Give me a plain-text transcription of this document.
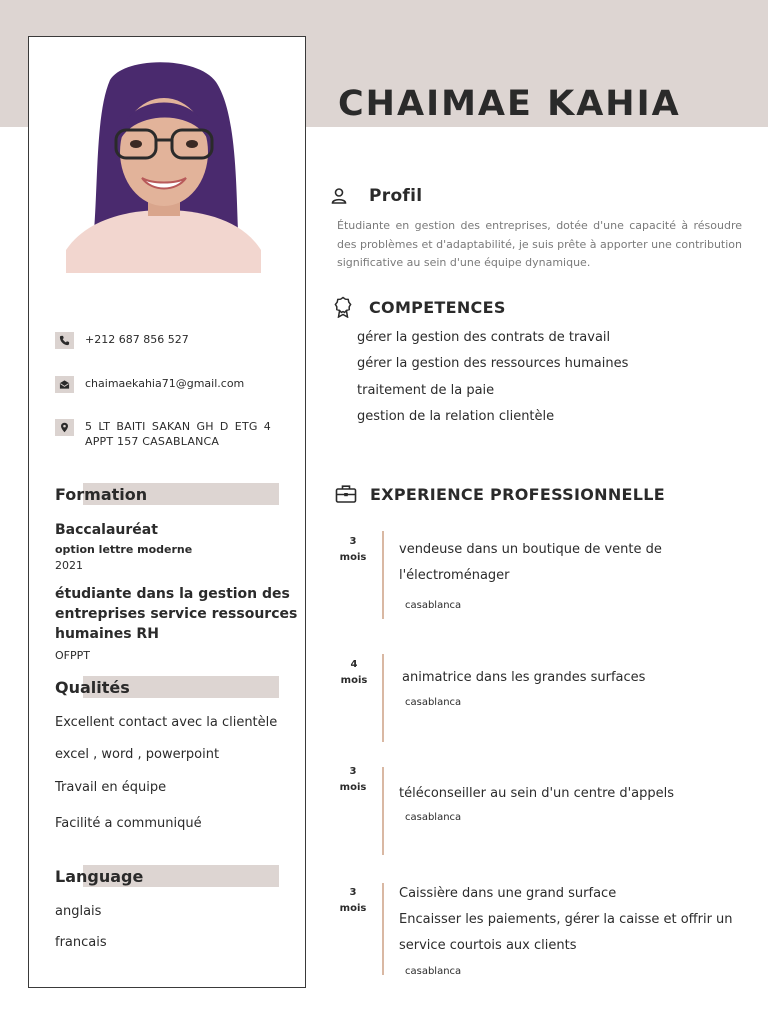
CHAIMAE KAHIA
+212 687 856 527
chaimaekahia71@gmail.com
5 LT BAITI SAKAN GH D ETG 4 APPT 157 CASABLANCA
Formation
Baccalauréat
option lettre moderne
2021
étudiante dans la gestion des entreprises service ressources humaines RH
OFPPT
Qualités
Excellent contact avec la clientèle
excel , word , powerpoint
Travail en équipe
Facilité a communiqué
Language
anglais
francais
Profil
Étudiante en gestion des entreprises, dotée d'une capacité à résoudre des problèmes et d'adaptabilité, je suis prête à apporter une contribution significative au sein d'une équipe dynamique.
COMPETENCES
gérer la gestion des contrats de travail
gérer la gestion des ressources humaines
traitement de la paie
gestion de la relation clientèle
EXPERIENCE PROFESSIONNELLE
3
mois
vendeuse dans un boutique de vente de l'électroménager
casablanca
4
mois	animatrice dans les grandes surfaces
casablanca
3
mois	téléconseiller au sein d'un centre d'appels
casablanca
3
mois
Caissière dans une grand surface
Encaisser les paiements, gérer la caisse et offrir un service courtois aux clients
casablanca
